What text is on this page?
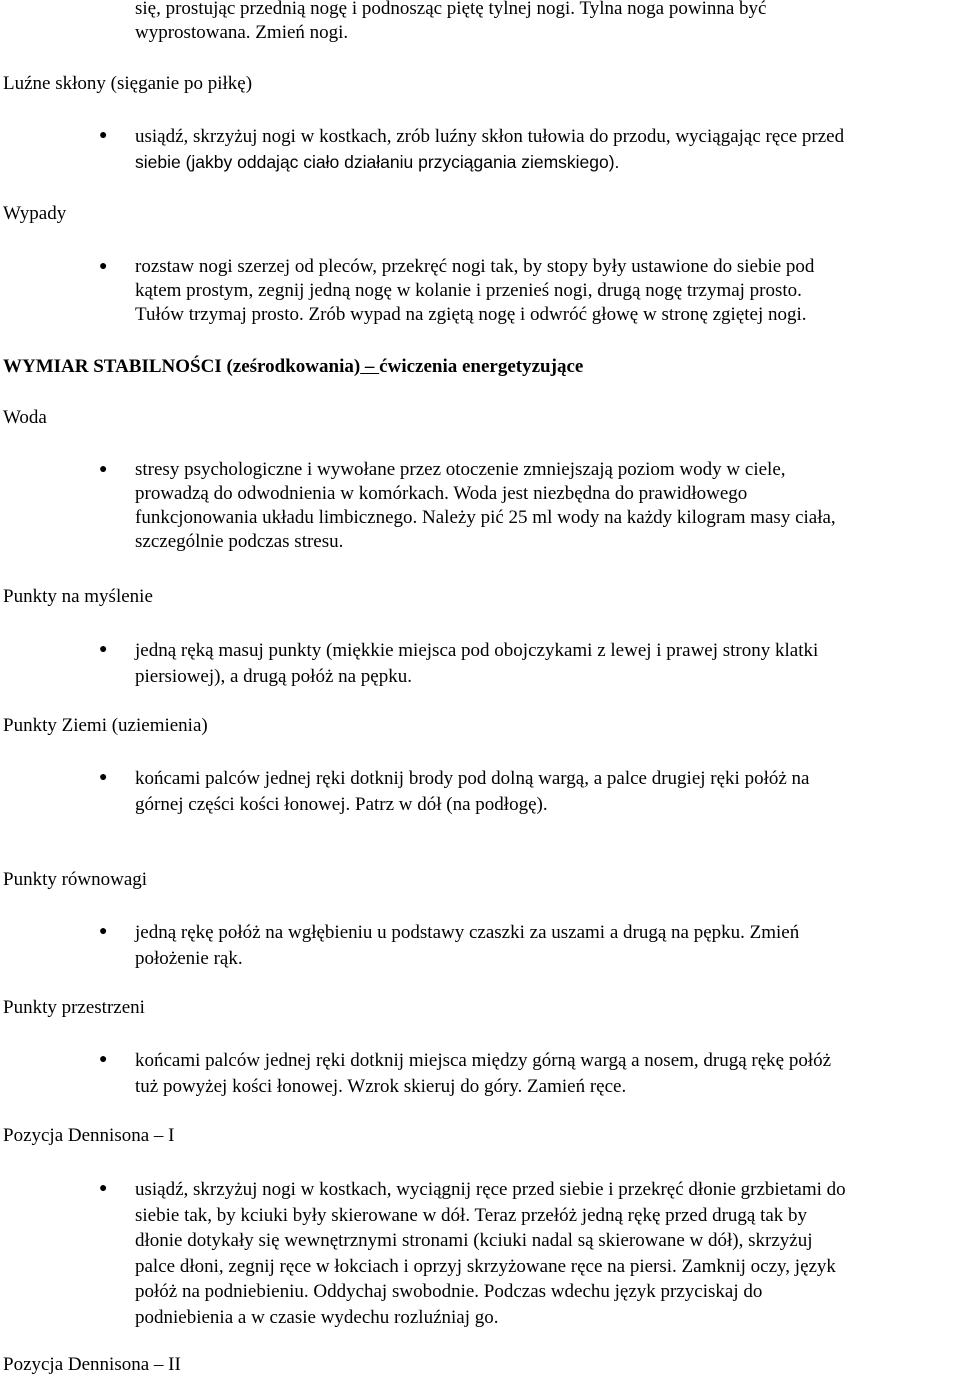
się, prostując przednią nogę i podnosząc piętę tylnej nogi. Tylna noga powinna być
wyprostowana. Zmień nogi.
Luźne skłony (sięganie po piłkę)
● usiądź, skrzyżuj nogi w kostkach, zrób luźny skłon tułowia do przodu, wyciągając ręce przed
siebie (jakby oddając ciało działaniu przyciągania ziemskiego).
Wypady
● rozstaw nogi szerzej od pleców, przekręć nogi tak, by stopy były ustawione do siebie pod
kątem prostym, zegnij jedną nogę w kolanie i przenieś nogi, drugą nogę trzymaj prosto.
Tułów trzymaj prosto. Zrób wypad na zgiętą nogę i odwróć głowę w stronę zgiętej nogi.
WYMIAR STABILNOŚCI (ześrodkowania) – ćwiczenia energetyzujące
Woda
● stresy psychologiczne i wywołane przez otoczenie zmniejszają poziom wody w ciele,
prowadzą do odwodnienia w komórkach. Woda jest niezbędna do prawidłowego
funkcjonowania układu limbicznego. Należy pić 25 ml wody na każdy kilogram masy ciała,
szczególnie podczas stresu.
Punkty na myślenie
● jedną ręką masuj punkty (miękkie miejsca pod obojczykami z lewej i prawej strony klatki
piersiowej), a drugą połóż na pępku.
Punkty Ziemi (uziemienia)
● końcami palców jednej ręki dotknij brody pod dolną wargą, a palce drugiej ręki połóż na
górnej części kości łonowej. Patrz w dół (na podłogę).
Punkty równowagi
● jedną rękę połóż na wgłębieniu u podstawy czaszki za uszami a drugą na pępku. Zmień
położenie rąk.
Punkty przestrzeni
● końcami palców jednej ręki dotknij miejsca między górną wargą a nosem, drugą rękę połóż
tuż powyżej kości łonowej. Wzrok skieruj do góry. Zamień ręce.
Pozycja Dennisona – I
● usiądź, skrzyżuj nogi w kostkach, wyciągnij ręce przed siebie i przekręć dłonie grzbietami do
siebie tak, by kciuki były skierowane w dół. Teraz przełóż jedną rękę przed drugą tak by
dłonie dotykały się wewnętrznymi stronami (kciuki nadal są skierowane w dół), skrzyżuj
palce dłoni, zegnij ręce w łokciach i oprzyj skrzyżowane ręce na piersi. Zamknij oczy, język
połóż na podniebieniu. Oddychaj swobodnie. Podczas wdechu język przyciskaj do
podniebienia a w czasie wydechu rozluźniaj go.
Pozycja Dennisona – II
